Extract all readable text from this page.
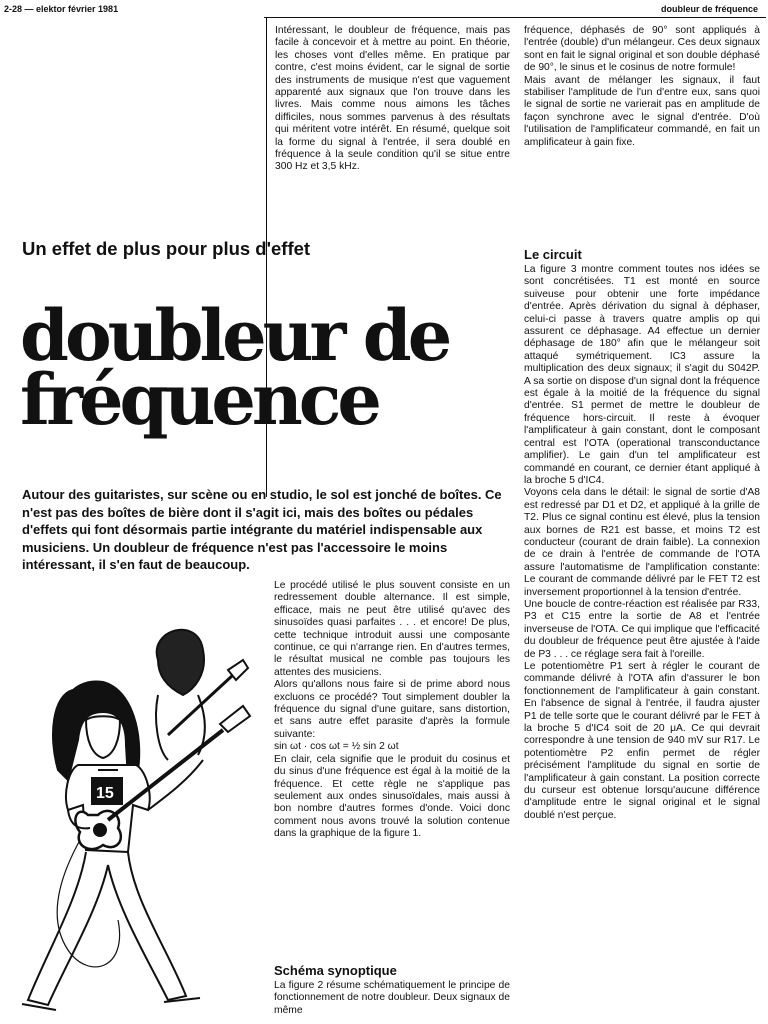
2-28 — elektor février 1981	doubleur de fréquence

Intéressant, le doubleur de fréquence, mais pas facile à concevoir et à mettre au point. En théorie, les choses vont d'elles même. En pratique par contre, c'est moins évident, car le signal de sortie des instruments de musique n'est que vaguement apparenté aux signaux que l'on trouve dans les livres. Mais comme nous aimons les tâches difficiles, nous sommes parvenus à des résultats qui méritent votre intérêt. En résumé, quelque soit la forme du signal à l'entrée, il sera doublé en fréquence à la seule condition qu'il se situe entre 300 Hz et 3,5 kHz.

fréquence, déphasés de 90° sont appliqués à l'entrée (double) d'un mélangeur. Ces deux signaux sont en fait le signal original et son double déphasé de 90°, le sinus et le cosinus de notre formule!

Mais avant de mélanger les signaux, il faut stabiliser l'amplitude de l'un d'entre eux, sans quoi le signal de sortie ne varierait pas en amplitude de façon synchrone avec le signal d'entrée. D'où l'utilisation de l'amplificateur commandé, en fait un amplificateur à gain fixe.

Un effet de plus pour plus d'effet
doubleur de
fréquence
Autour des guitaristes, sur scène ou en studio, le sol est jonché de boîtes. Ce n'est pas des boîtes de bière dont il s'agit ici, mais des boîtes ou pédales d'effets qui font désormais partie intégrante du matériel indispensable aux musiciens. Un doubleur de fréquence n'est pas l'accessoire le moins intéressant, il s'en faut de beaucoup.
15

Le procédé utilisé le plus souvent consiste en un redressement double alternance. Il est simple, efficace, mais ne peut être utilisé qu'avec des sinusoïdes quasi parfaites . . . et encore! De plus, cette technique introduit aussi une composante continue, ce qui n'arrange rien. En d'autres termes, le résultat musical ne comble pas toujours les attentes des musiciens.

Alors qu'allons nous faire si de prime abord nous excluons ce procédé? Tout simplement doubler la fréquence du signal d'une guitare, sans distortion, et sans autre effet parasite d'après la formule suivante:

sin ωt · cos ωt = ½ sin 2 ωt

En clair, cela signifie que le produit du cosinus et du sinus d'une fréquence est égal à la moitié de la fréquence. Et cette règle ne s'applique pas seulement aux ondes sinusoïdales, mais aussi à bon nombre d'autres formes d'onde. Voici donc comment nous avons trouvé la solution contenue dans la graphique de la figure 1.

Schéma synoptique

La figure 2 résume schématiquement le principe de fonctionnement de notre doubleur. Deux signaux de même

Le circuit

La figure 3 montre comment toutes nos idées se sont concrétisées. T1 est monté en source suiveuse pour obtenir une forte impédance d'entrée. Après dérivation du signal à déphaser, celui-ci passe à travers quatre amplis op qui assurent ce déphasage. A4 effectue un dernier déphasage de 180° afin que le mélangeur soit attaqué symétriquement. IC3 assure la multiplication des deux signaux; il s'agit du S042P. A sa sortie on dispose d'un signal dont la fréquence est égale à la moitié de la fréquence du signal d'entrée. S1 permet de mettre le doubleur de fréquence hors-circuit. Il reste à évoquer l'amplificateur à gain constant, dont le composant central est l'OTA (operational transconductance amplifier). Le gain d'un tel amplificateur est commandé en courant, ce dernier étant appliqué à la broche 5 d'IC4.

Voyons cela dans le détail: le signal de sortie d'A8 est redressé par D1 et D2, et appliqué à la grille de T2. Plus ce signal continu est élevé, plus la tension aux bornes de R21 est basse, et moins T2 est conducteur (courant de drain faible). La connexion de ce drain à l'entrée de commande de l'OTA assure l'automatisme de l'amplification constante: Le courant de commande délivré par le FET T2 est inversement proportionnel à la tension d'entrée.

Une boucle de contre-réaction est réalisée par R33, P3 et C15 entre la sortie de A8 et l'entrée inverseuse de l'OTA. Ce qui implique que l'efficacité du doubleur de fréquence peut être ajustée à l'aide de P3 . . . ce réglage sera fait à l'oreille.

Le potentiomètre P1 sert à régler le courant de commande délivré à l'OTA afin d'assurer le bon fonctionnement de l'amplificateur à gain constant. En l'absence de signal à l'entrée, il faudra ajuster P1 de telle sorte que le courant délivré par le FET à la broche 5 d'IC4 soit de 20 μA. Ce qui devrait correspondre à une tension de 940 mV sur R17. Le potentiomètre P2 enfin permet de régler précisément l'amplitude du signal en sortie de l'amplificateur à gain constant. La position correcte du curseur est obtenue lorsqu'aucune différence d'amplitude entre le signal original et le signal doublé n'est perçue.
